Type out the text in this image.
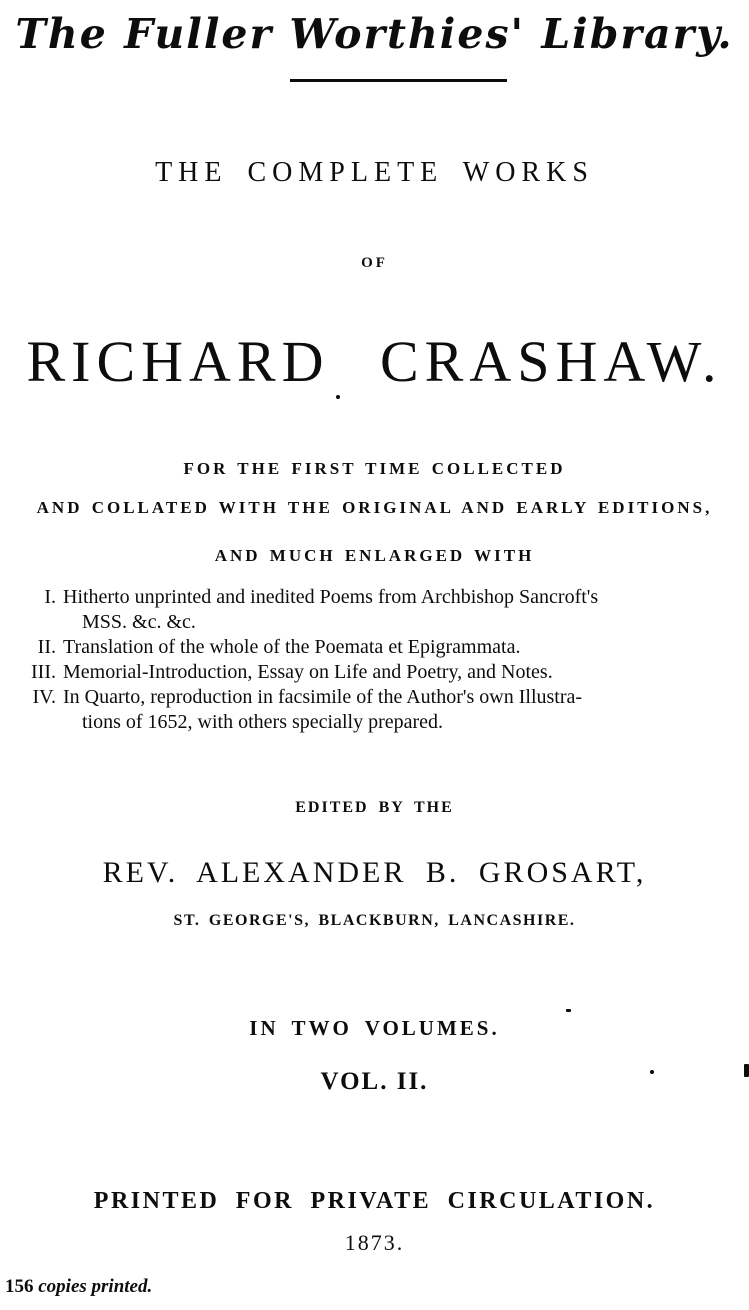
The Fuller Worthies' Library.
THE COMPLETE WORKS
OF
RICHARD CRASHAW.
FOR THE FIRST TIME COLLECTED
AND COLLATED WITH THE ORIGINAL AND EARLY EDITIONS,
AND MUCH ENLARGED WITH
I. Hitherto unprinted and inedited Poems from Archbishop Sancroft's
MSS. &c. &c.
II. Translation of the whole of the Poemata et Epigrammata.
III. Memorial-Introduction, Essay on Life and Poetry, and Notes.
IV. In Quarto, reproduction in facsimile of the Author's own Illustra-
tions of 1652, with others specially prepared.
EDITED BY THE
REV. ALEXANDER B. GROSART,
ST. GEORGE'S, BLACKBURN, LANCASHIRE.
IN TWO VOLUMES.
VOL. II.
PRINTED FOR PRIVATE CIRCULATION.
1873.
156 copies printed.
